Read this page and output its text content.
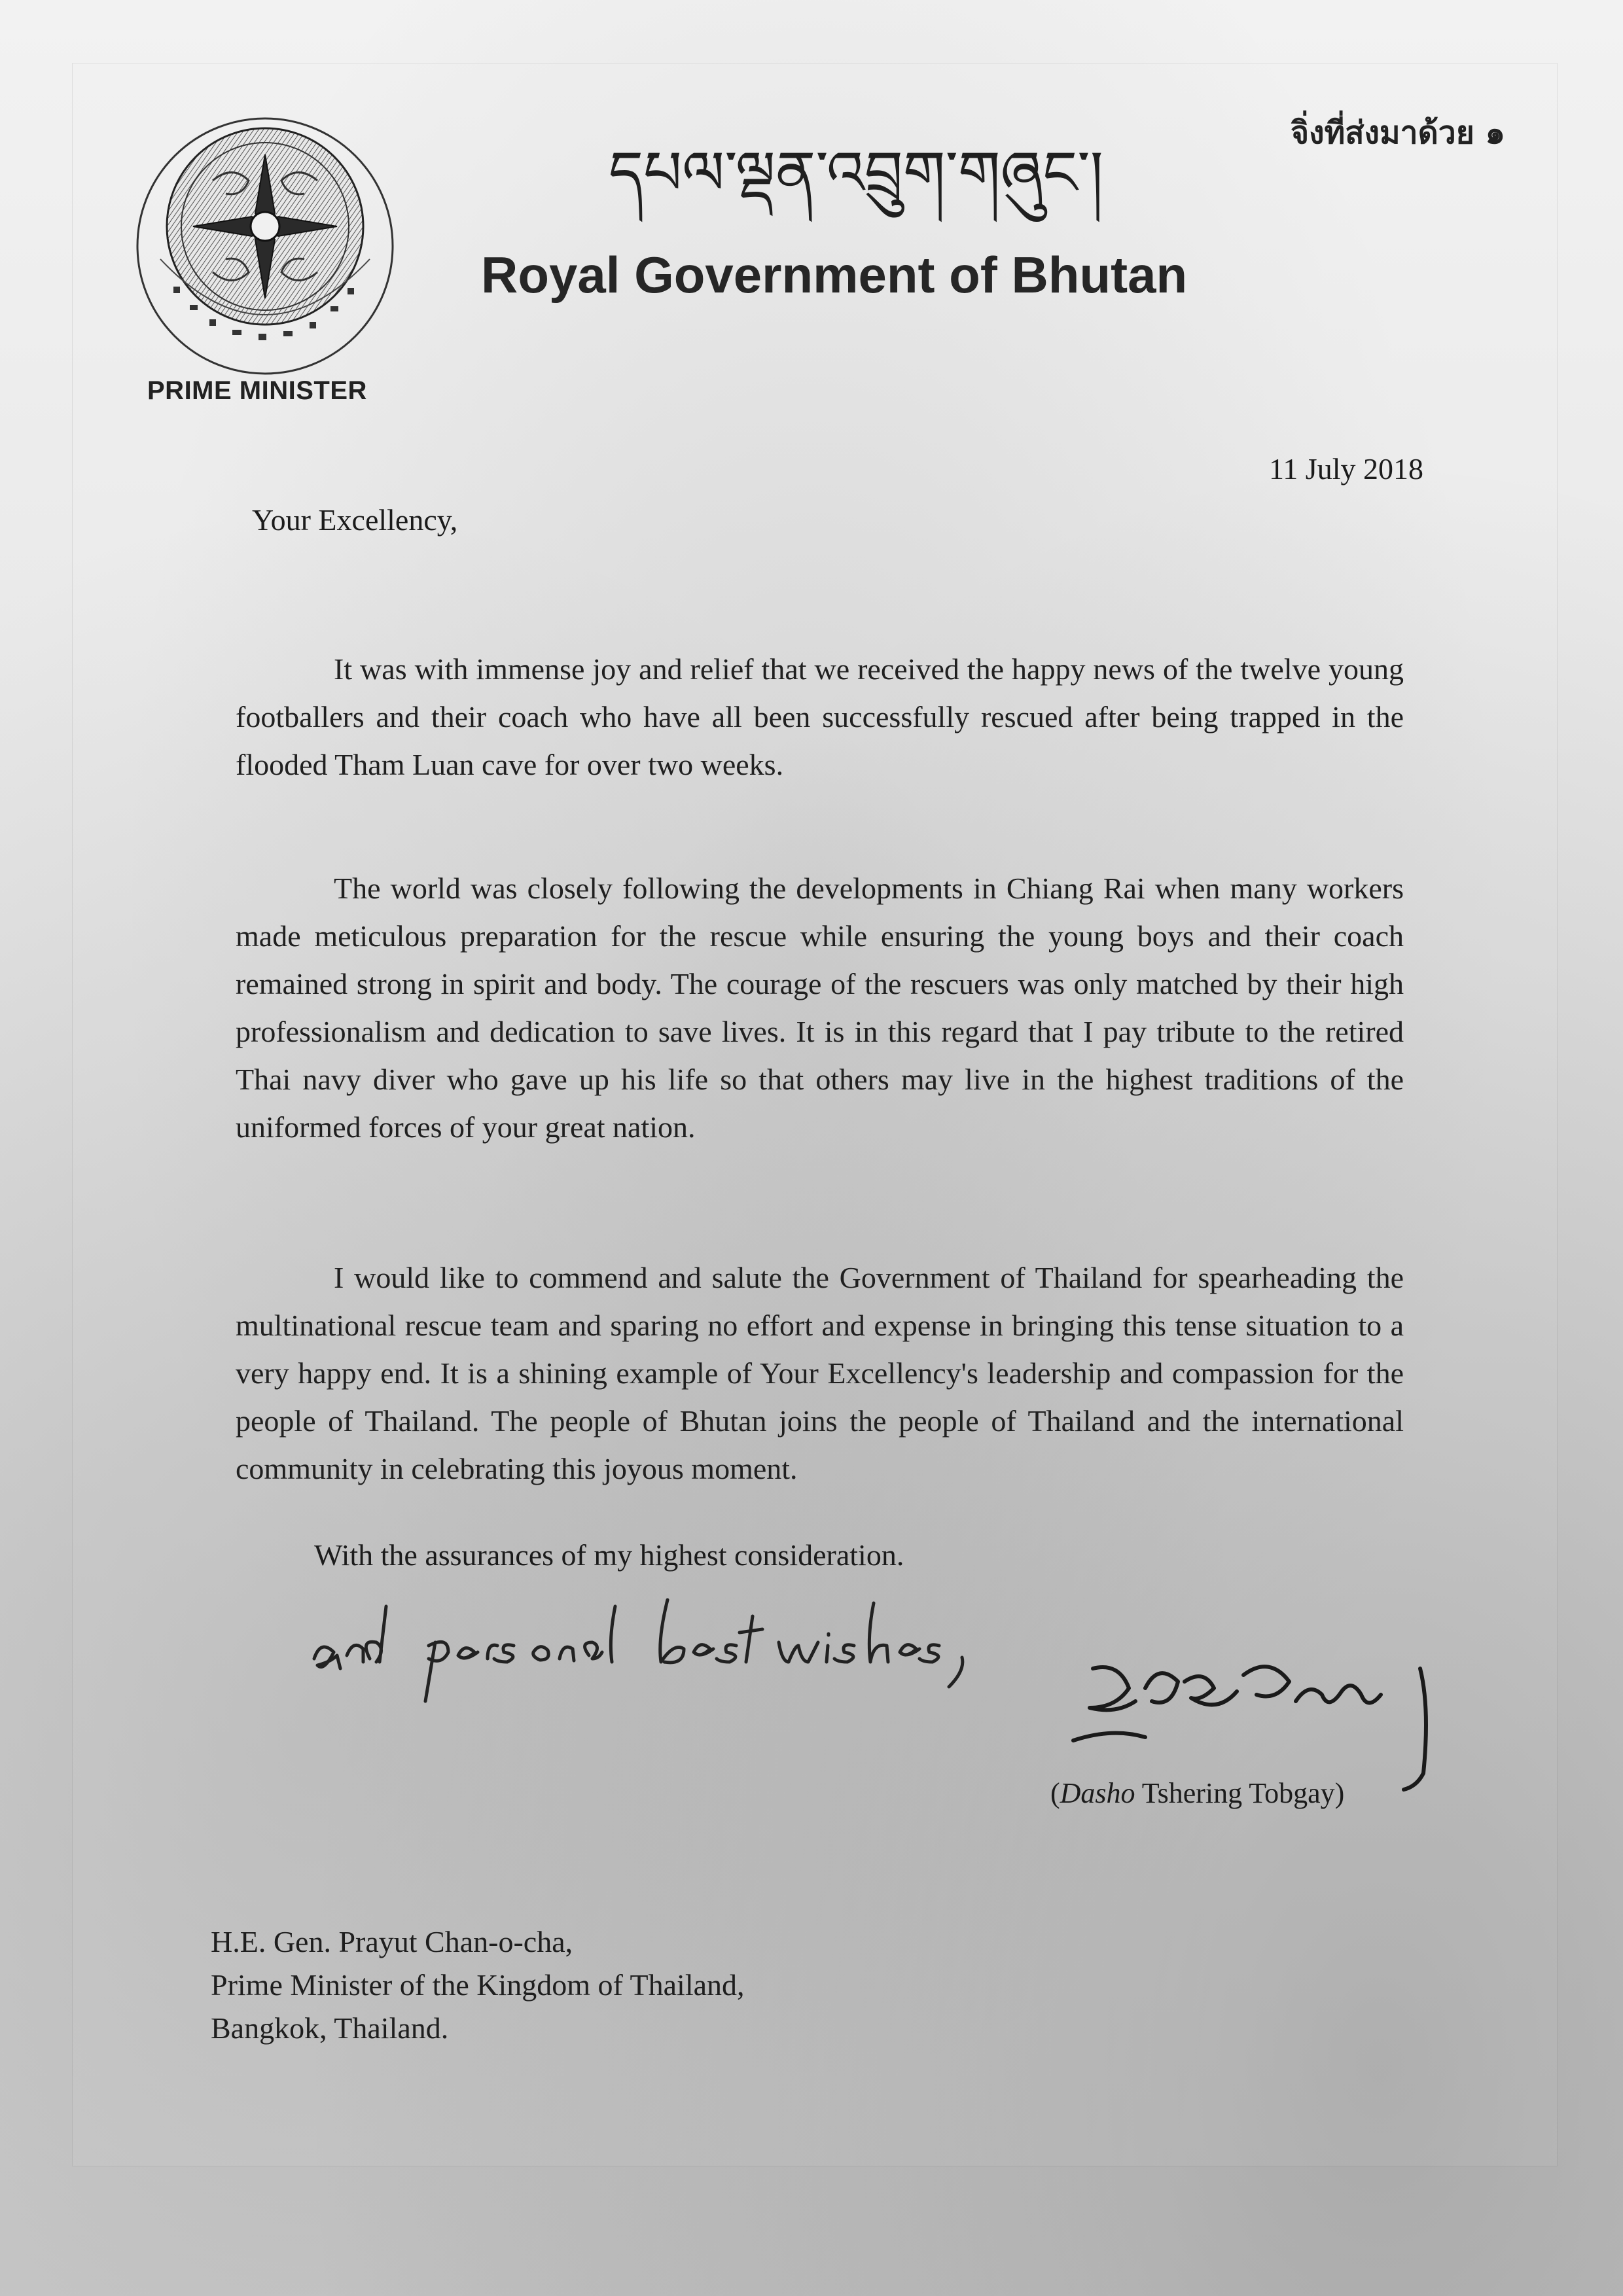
PRIME MINISTER
จิ่งที่ส่งมาด้วย ๑
དཔལ་ལྡན་འབྲུག་གཞུང་།
Royal Government of Bhutan
11 July 2018
Your Excellency,

It was with immense joy and relief that we received the happy news of the twelve young footballers and their coach who have all been successfully rescued after being trapped in the flooded Tham Luan cave for over two weeks.

The world was closely following the developments in Chiang Rai when many workers made meticulous preparation for the rescue while ensuring the young boys and their coach remained strong in spirit and body. The courage of the rescuers was only matched by their high professionalism and dedication to save lives. It is in this regard that I pay tribute to the retired Thai navy diver who gave up his life so that others may live in the highest traditions of the uniformed forces of your great nation.

I would like to commend and salute the Government of Thailand for spearheading the multinational rescue team and sparing no effort and expense in bringing this tense situation to a very happy end. It is a shining example of Your Excellency's leadership and compassion for the people of Thailand. The people of Bhutan joins the people of Thailand and the international community in celebrating this joyous moment.

With the assurances of my highest consideration.
(Dasho Tshering Tobgay)
H.E. Gen. Prayut Chan-o-cha,
Prime Minister of the Kingdom of Thailand,
Bangkok, Thailand.
